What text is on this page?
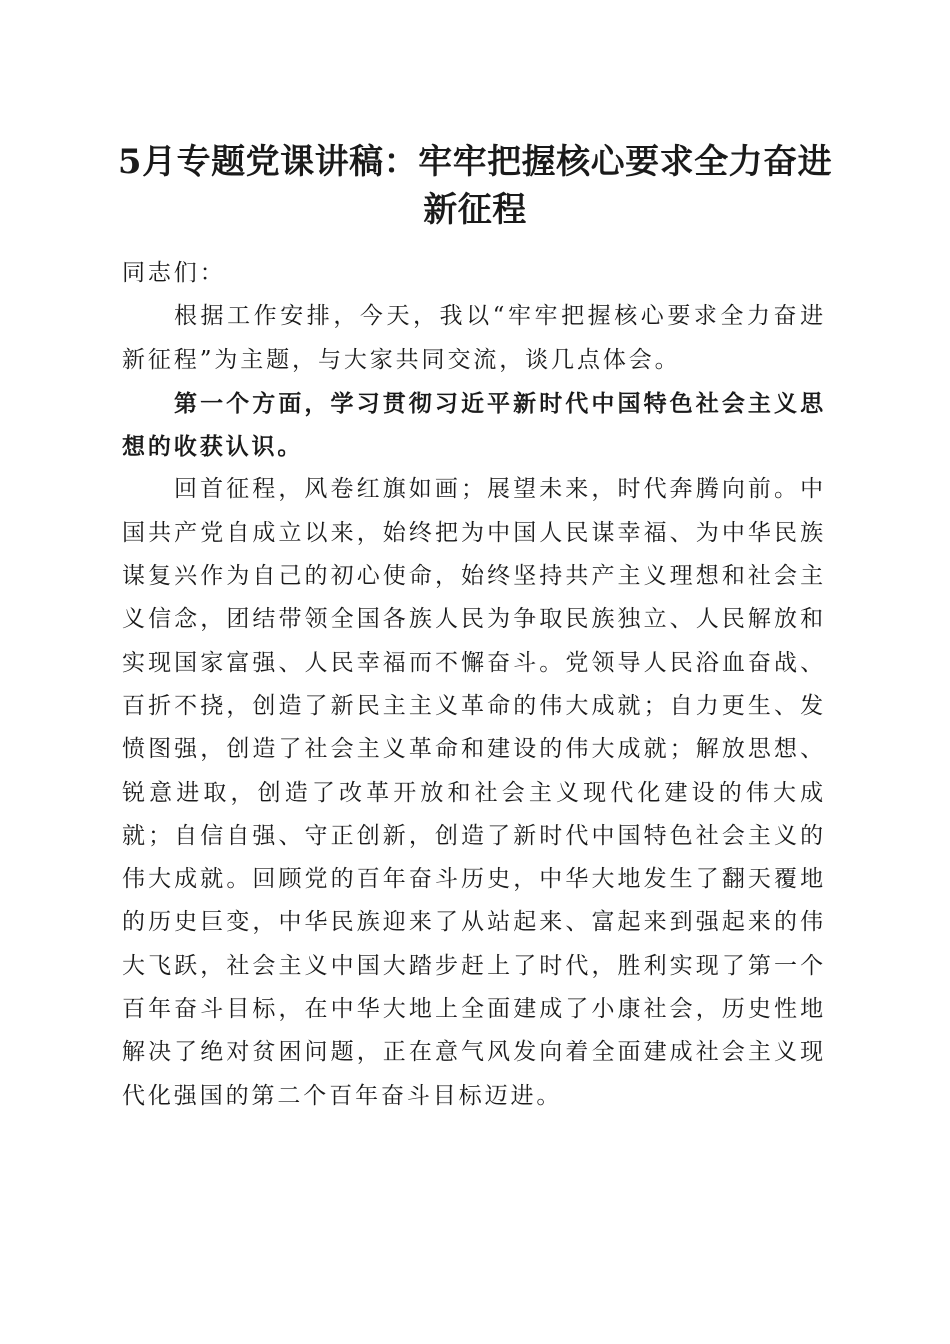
5月专题党课讲稿：牢牢把握核心要求全力奋进新征程

同志们：

根据工作安排，今天，我以“牢牢把握核心要求全力奋进新征程”为主题，与大家共同交流，谈几点体会。

第一个方面，学习贯彻习近平新时代中国特色社会主义思想的收获认识。

回首征程，风卷红旗如画；展望未来，时代奔腾向前。中国共产党自成立以来，始终把为中国人民谋幸福、为中华民族谋复兴作为自己的初心使命，始终坚持共产主义理想和社会主义信念，团结带领全国各族人民为争取民族独立、人民解放和实现国家富强、人民幸福而不懈奋斗。党领导人民浴血奋战、百折不挠，创造了新民主主义革命的伟大成就；自力更生、发愤图强，创造了社会主义革命和建设的伟大成就；解放思想、锐意进取，创造了改革开放和社会主义现代化建设的伟大成就；自信自强、守正创新，创造了新时代中国特色社会主义的伟大成就。回顾党的百年奋斗历史，中华大地发生了翻天覆地的历史巨变，中华民族迎来了从站起来、富起来到强起来的伟大飞跃，社会主义中国大踏步赶上了时代，胜利实现了第一个百年奋斗目标，在中华大地上全面建成了小康社会，历史性地解决了绝对贫困问题，正在意气风发向着全面建成社会主义现代化强国的第二个百年奋斗目标迈进。
